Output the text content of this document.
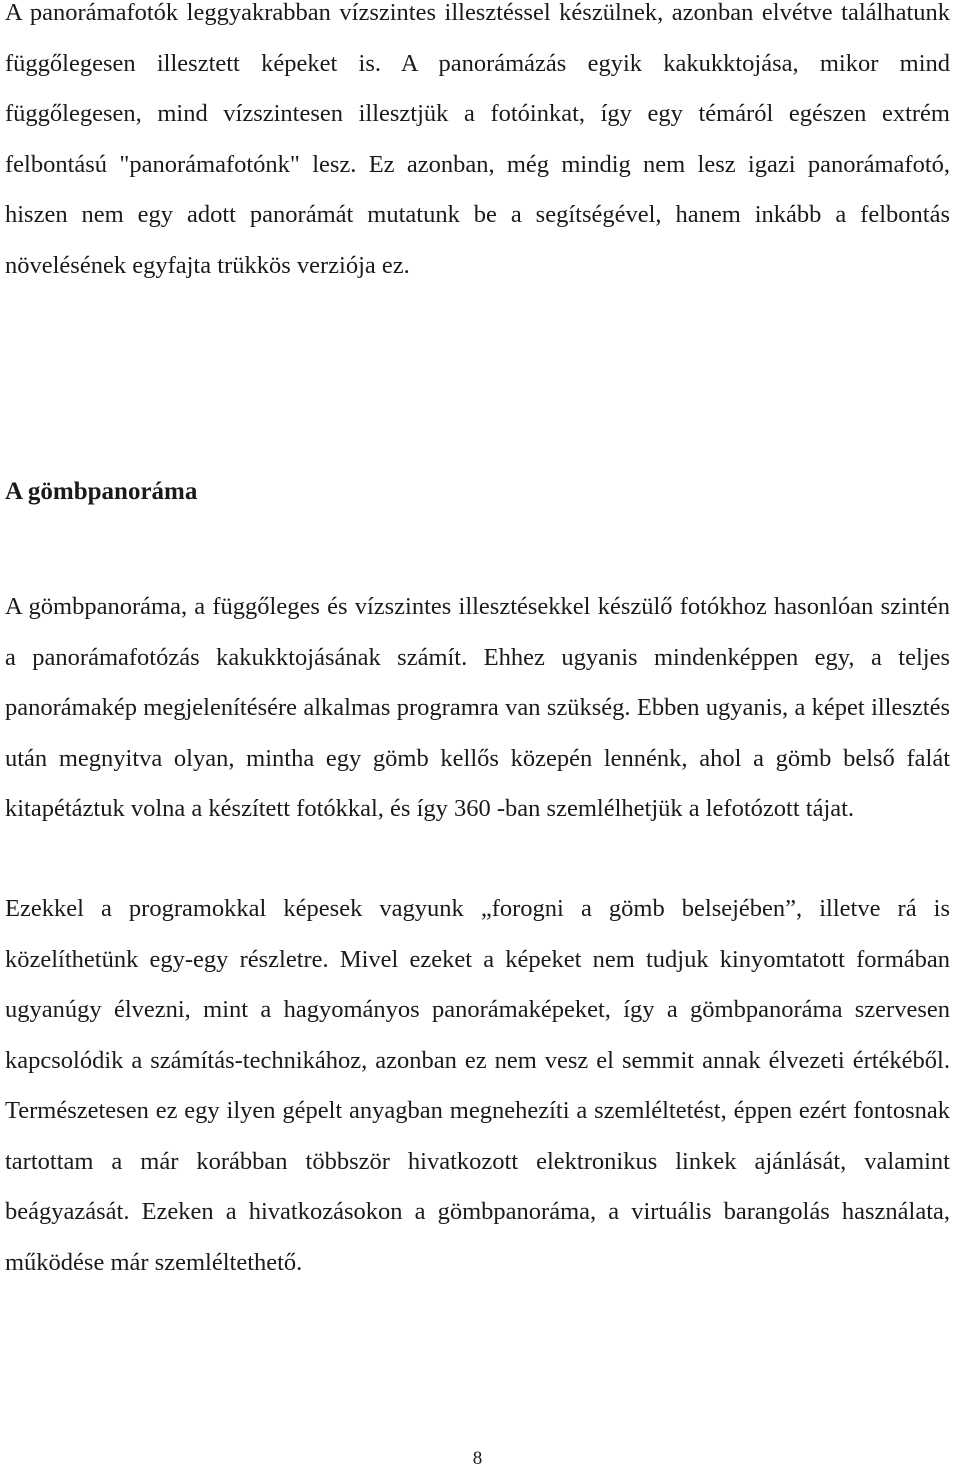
A panorámafotók leggyakrabban vízszintes illesztéssel készülnek, azonban elvétve találhatunk függőlegesen illesztett képeket is. A panorámázás egyik kakukktojása, mikor mind függőlegesen, mind vízszintesen illesztjük a fotóinkat, így egy témáról egészen extrém felbontású "panorámafotónk" lesz. Ez azonban, még mindig nem lesz igazi panorámafotó, hiszen nem egy adott panorámát mutatunk be a segítségével, hanem inkább a felbontás növelésének egyfajta trükkös verziója ez.

A gömbpanoráma

A gömbpanoráma, a függőleges és vízszintes illesztésekkel készülő fotókhoz hasonlóan szintén a panorámafotózás kakukktojásának számít. Ehhez ugyanis mindenképpen egy, a teljes panorámakép megjelenítésére alkalmas programra van szükség. Ebben ugyanis, a képet illesztés után megnyitva olyan, mintha egy gömb kellős közepén lennénk, ahol a gömb belső falát kitapétáztuk volna a készített fotókkal, és így 360 -ban szemlélhetjük a lefotózott tájat.

Ezekkel a programokkal képesek vagyunk „forogni a gömb belsejében”, illetve rá is közelíthetünk egy-egy részletre. Mivel ezeket a képeket nem tudjuk kinyomtatott formában ugyanúgy élvezni, mint a hagyományos panorámaképeket, így a gömbpanoráma szervesen kapcsolódik a számítás-technikához, azonban ez nem vesz el semmit annak élvezeti értékéből. Természetesen ez egy ilyen gépelt anyagban megnehezíti a szemléltetést, éppen ezért fontosnak tartottam a már korábban többször hivatkozott elektronikus linkek ajánlását, valamint beágyazását. Ezeken a hivatkozásokon a gömbpanoráma, a virtuális barangolás használata, működése már szemléltethető.

8
